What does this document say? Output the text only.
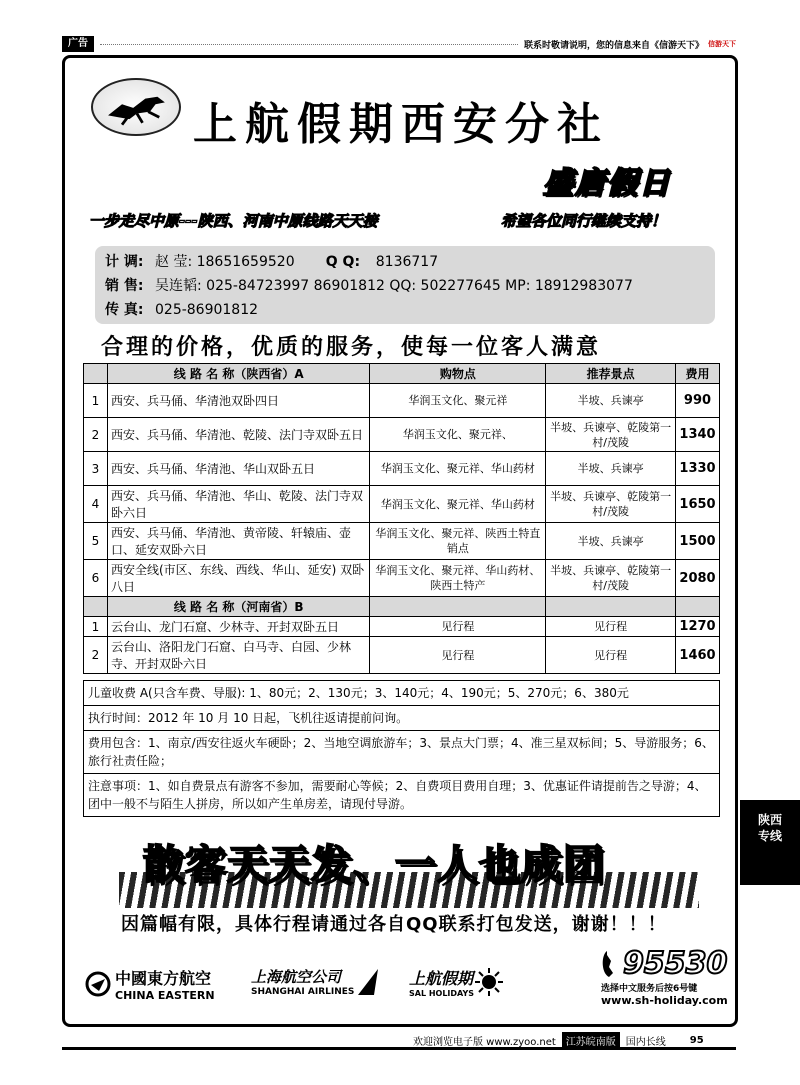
广告	联系时敬请说明，您的信息来自《信游天下》 信游天下
上航假期西安分社
盛唐假日
一步走尽中原---陕西、河南中原线路天天接	希望各位同行继续支持！
计 调: 赵 莹: 18651659520 Q Q: 8136717
销 售: 吴连韬: 025-84723997 86901812 QQ: 502277645 MP: 18912983077
传 真: 025-86901812
合理的价格，优质的服务，使每一位客人满意
	线 路 名 称（陕西省）A	购物点	推荐景点	费用
1	西安、兵马俑、华清池双卧四日	华润玉文化、聚元祥	半坡、兵谏亭	990
2	西安、兵马俑、华清池、乾陵、法门寺双卧五日	华润玉文化、聚元祥、	半坡、兵谏亭、乾陵第一村/茂陵	1340
3	西安、兵马俑、华清池、华山双卧五日	华润玉文化、聚元祥、华山药材	半坡、兵谏亭	1330
4	西安、兵马俑、华清池、华山、乾陵、法门寺双卧六日	华润玉文化、聚元祥、华山药材	半坡、兵谏亭、乾陵第一村/茂陵	1650
5	西安、兵马俑、华清池、黄帝陵、轩辕庙、壶口、延安双卧六日	华润玉文化、聚元祥、陕西土特直销点	半坡、兵谏亭	1500
6	西安全线(市区、东线、西线、华山、延安) 双卧八日	华润玉文化、聚元祥、华山药材、陕西土特产	半坡、兵谏亭、乾陵第一村/茂陵	2080
	线 路 名 称（河南省）B			
1	云台山、龙门石窟、少林寺、开封双卧五日	见行程	见行程	1270
2	云台山、洛阳龙门石窟、白马寺、白园、少林寺、开封双卧六日	见行程	见行程	1460
儿童收费 A(只含车费、导服): 1、80元；2、130元；3、140元；4、190元；5、270元；6、380元
执行时间：2012 年 10 月 10 日起，飞机往返请提前问询。
费用包含：1、南京/西安往返火车硬卧；2、当地空调旅游车；3、景点大门票；4、准三星双标间；5、导游服务；6、旅行社责任险；
注意事项：1、如自费景点有游客不参加，需要耐心等候；2、自费项目费用自理；3、优惠证件请提前告之导游；4、团中一般不与陌生人拼房，所以如产生单房差，请现付导游。
散客天天发、一人也成团
因篇幅有限，具体行程请通过各自QQ联系打包发送，谢谢！！！
中國東方航空
CHINA EASTERN
上海航空公司
SHANGHAI AIRLINES
上航假期
SAL HOLIDAYS
95530
选择中文服务后按6号键
www.sh-holiday.com
陕西专线
欢迎浏览电子版 www.zyoo.net	江苏皖南版	国内长线 95
